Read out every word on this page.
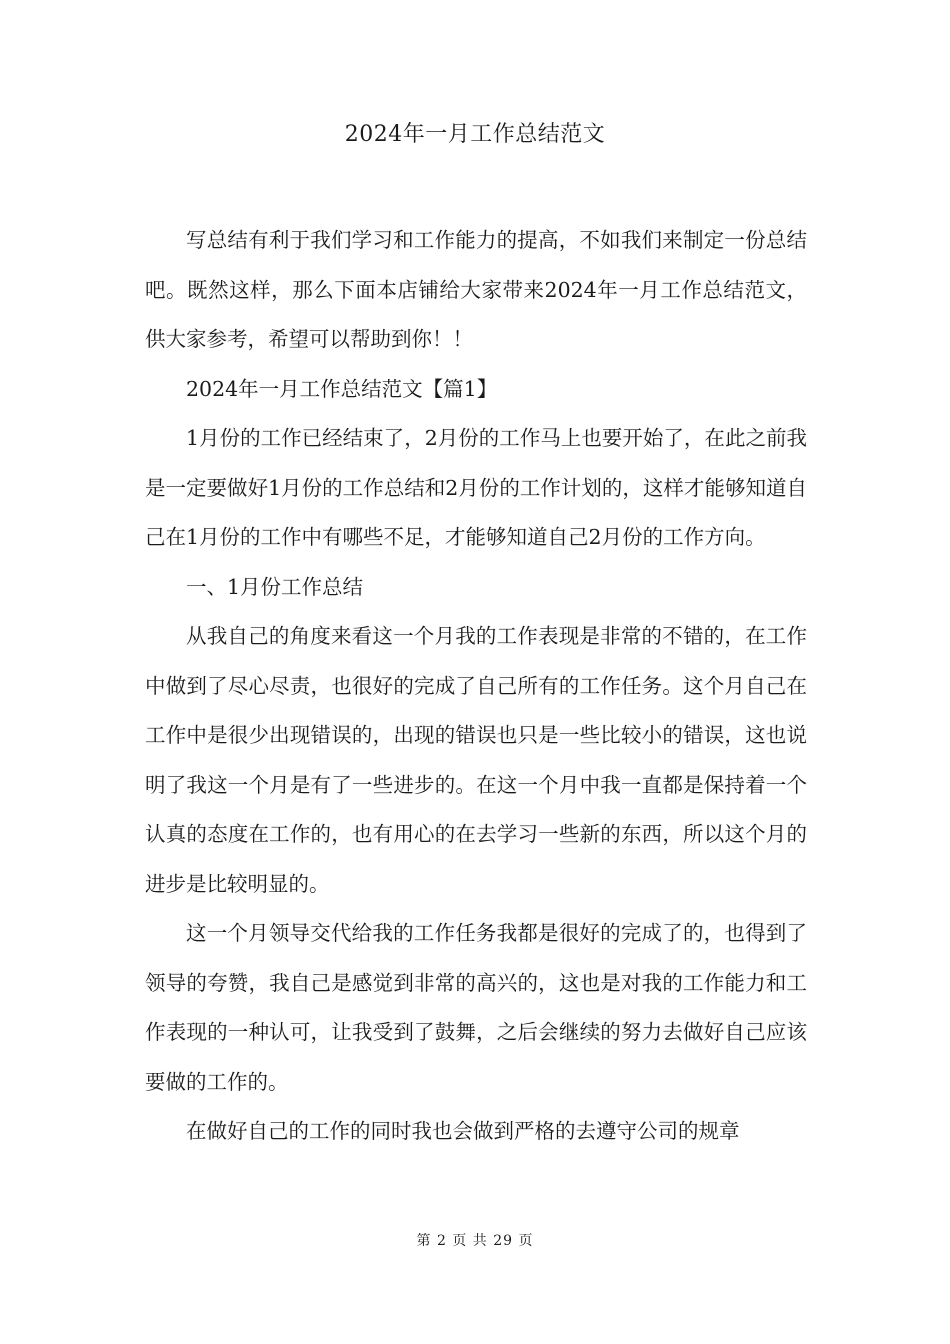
2024年一月工作总结范文

写总结有利于我们学习和工作能力的提高，不如我们来制定一份总结吧。既然这样，那么下面本店铺给大家带来2024年一月工作总结范文，供大家参考，希望可以帮助到你！！

2024年一月工作总结范文【篇1】

1月份的工作已经结束了，2月份的工作马上也要开始了，在此之前我是一定要做好1月份的工作总结和2月份的工作计划的，这样才能够知道自己在1月份的工作中有哪些不足，才能够知道自己2月份的工作方向。

一、1月份工作总结

从我自己的角度来看这一个月我的工作表现是非常的不错的，在工作中做到了尽心尽责，也很好的完成了自己所有的工作任务。这个月自己在工作中是很少出现错误的，出现的错误也只是一些比较小的错误，这也说明了我这一个月是有了一些进步的。在这一个月中我一直都是保持着一个认真的态度在工作的，也有用心的在去学习一些新的东西，所以这个月的进步是比较明显的。

这一个月领导交代给我的工作任务我都是很好的完成了的，也得到了领导的夸赞，我自己是感觉到非常的高兴的，这也是对我的工作能力和工作表现的一种认可，让我受到了鼓舞，之后会继续的努力去做好自己应该要做的工作的。

在做好自己的工作的同时我也会做到严格的去遵守公司的规章

第 2 页 共 29 页
